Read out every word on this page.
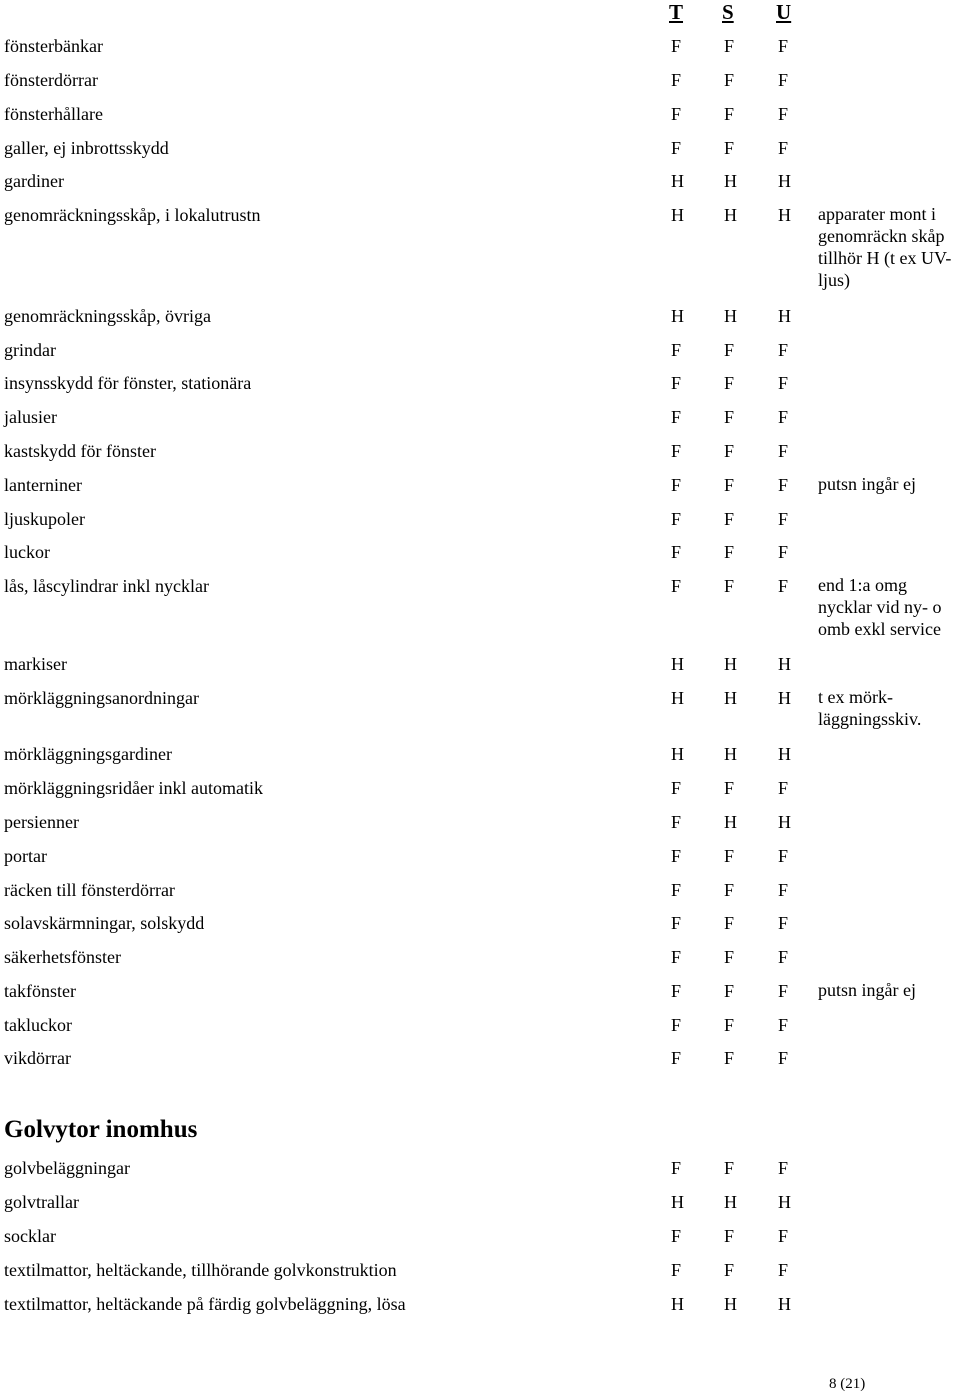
T S U
fönsterbänkar	F F F
fönsterdörrar	F F F
fönsterhållare	F F F
galler, ej inbrottsskydd	F F F
gardiner	H H H
genomräckningsskåp, i lokalutrustn	H H H apparater mont i
genomräckn skåp
tillhör H (t ex UV-
ljus)
genomräckningsskåp, övriga	H H H
grindar	F F F
insynsskydd för fönster, stationära	F F F
jalusier	F F F
kastskydd för fönster	F F F
lanterniner	F F F putsn ingår ej
ljuskupoler	F F F
luckor	F F F
lås, låscylindrar inkl nycklar	F F F end 1:a omg
nycklar vid ny- o
omb exkl service
markiser	H H H
mörkläggningsanordningar	H H H t ex mörk-
läggningsskiv.
mörkläggningsgardiner	H H H
mörkläggningsridåer inkl automatik	F F F
persienner	F H H
portar	F F F
räcken till fönsterdörrar	F F F
solavskärmningar, solskydd	F F F
säkerhetsfönster	F F F
takfönster	F F F putsn ingår ej
takluckor	F F F
vikdörrar	F F F
Golvytor inomhus
golvbeläggningar	F F F
golvtrallar	H H H
socklar	F F F
textilmattor, heltäckande, tillhörande golvkonstruktion	F F F
textilmattor, heltäckande på färdig golvbeläggning, lösa	H H H
8 (21)
